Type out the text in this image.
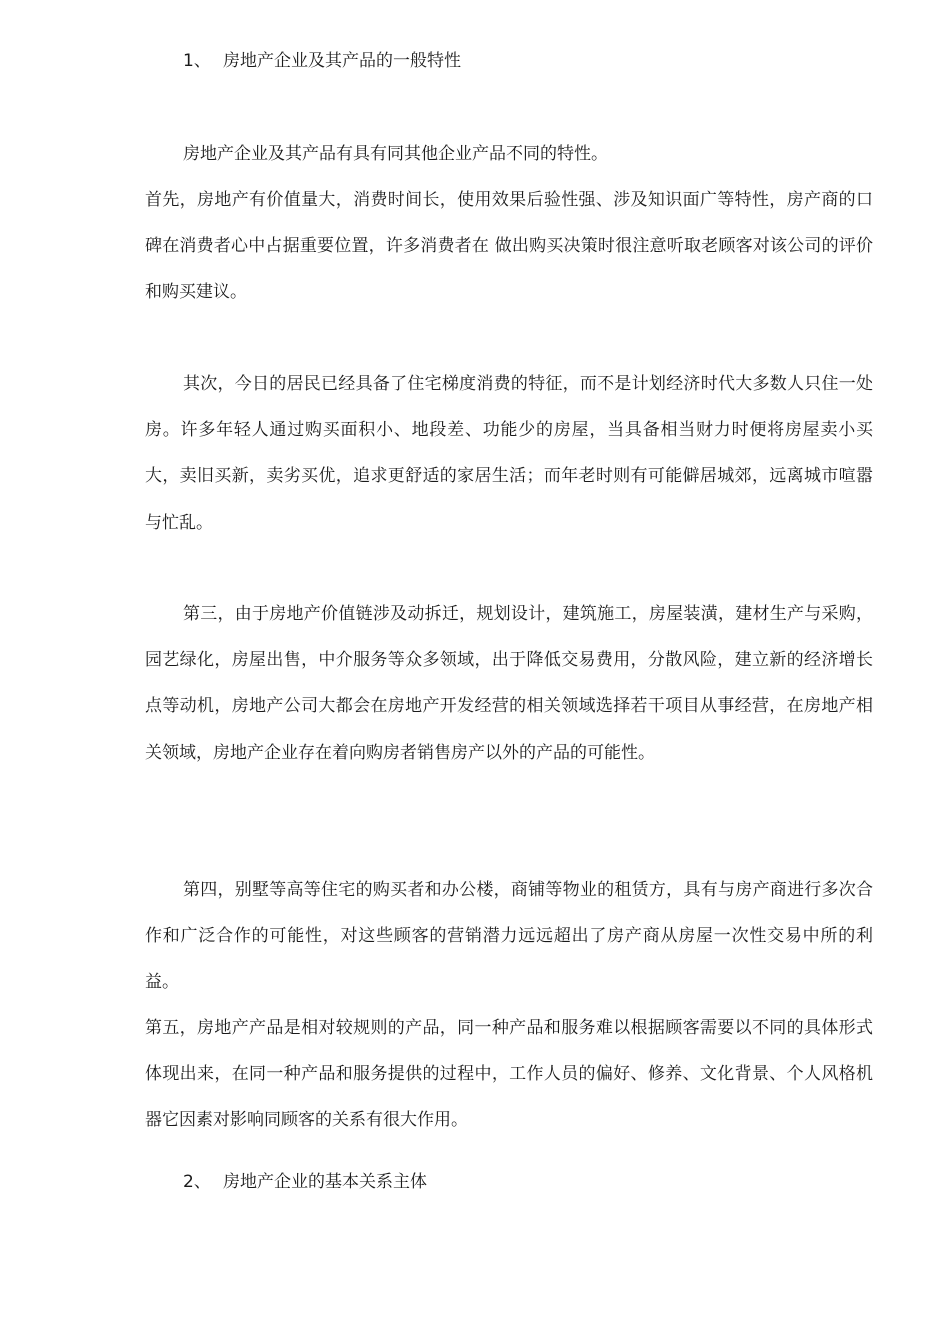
1、 房地产企业及其产品的一般特性

房地产企业及其产品有具有同其他企业产品不同的特性。

首先，房地产有价值量大，消费时间长，使用效果后验性强、涉及知识面广等特性，房产商的口碑在消费者心中占据重要位置，许多消费者在 做出购买决策时很注意听取老顾客对该公司的评价和购买建议。

其次，今日的居民已经具备了住宅梯度消费的特征，而不是计划经济时代大多数人只住一处房。许多年轻人通过购买面积小、地段差、功能少的房屋，当具备相当财力时便将房屋卖小买大，卖旧买新，卖劣买优，追求更舒适的家居生活；而年老时则有可能僻居城郊，远离城市喧嚣与忙乱。

第三，由于房地产价值链涉及动拆迁，规划设计，建筑施工，房屋装潢，建材生产与采购，园艺绿化，房屋出售，中介服务等众多领域，出于降低交易费用，分散风险，建立新的经济增长点等动机，房地产公司大都会在房地产开发经营的相关领域选择若干项目从事经营，在房地产相关领域，房地产企业存在着向购房者销售房产以外的产品的可能性。

第四，别墅等高等住宅的购买者和办公楼，商铺等物业的租赁方，具有与房产商进行多次合作和广泛合作的可能性，对这些顾客的营销潜力远远超出了房产商从房屋一次性交易中所的利益。

第五，房地产产品是相对较规则的产品，同一种产品和服务难以根据顾客需要以不同的具体形式体现出来，在同一种产品和服务提供的过程中，工作人员的偏好、修养、文化背景、个人风格机器它因素对影响同顾客的关系有很大作用。

2、 房地产企业的基本关系主体
